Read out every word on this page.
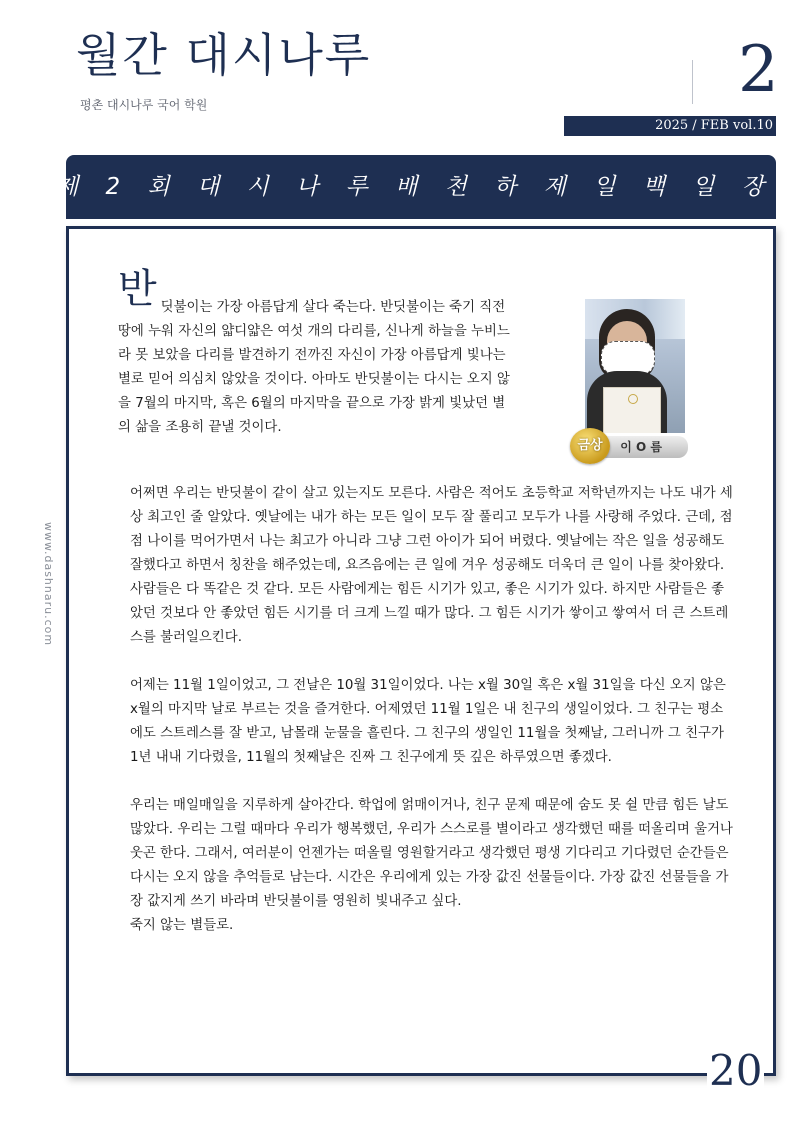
월간 대시나루
평촌 대시나루 국어 학원	2
2025 / FEB vol.10
제 2 회 대 시 나 루 배 천 하 제 일 백 일 장
www.dashnaru.com
반 딧불이는 가장 아름답게 살다 죽는다. 반딧불이는 죽기 직전 땅에 누워 자신의 얇디얇은 여섯 개의 다리를, 신나게 하늘을 누비느라 못 보았을 다리를 발견하기 전까진 자신이 가장 아름답게 빛나는 별로 믿어 의심치 않았을 것이다. 아마도 반딧불이는 다시는 오지 않을 7월의 마지막, 혹은 6월의 마지막을 끝으로 가장 밝게 빛났던 별의 삶을 조용히 끝낼 것이다.

이 O 름
금상

어쩌면 우리는 반딧불이 같이 살고 있는지도 모른다. 사람은 적어도 초등학교 저학년까지는 나도 내가 세상 최고인 줄 알았다. 옛날에는 내가 하는 모든 일이 모두 잘 풀리고 모두가 나를 사랑해 주었다. 근데, 점점 나이를 먹어가면서 나는 최고가 아니라 그냥 그런 아이가 되어 버렸다. 옛날에는 작은 일을 성공해도 잘했다고 하면서 칭찬을 해주었는데, 요즈음에는 큰 일에 겨우 성공해도 더욱더 큰 일이 나를 찾아왔다. 사람들은 다 똑같은 것 같다. 모든 사람에게는 힘든 시기가 있고, 좋은 시기가 있다. 하지만 사람들은 좋았던 것보다 안 좋았던 힘든 시기를 더 크게 느낄 때가 많다. 그 힘든 시기가 쌓이고 쌓여서 더 큰 스트레스를 불러일으킨다.

어제는 11월 1일이었고, 그 전날은 10월 31일이었다. 나는 x월 30일 혹은 x월 31일을 다신 오지 않은 x월의 마지막 날로 부르는 것을 즐겨한다. 어제였던 11월 1일은 내 친구의 생일이었다. 그 친구는 평소에도 스트레스를 잘 받고, 남몰래 눈물을 흘린다. 그 친구의 생일인 11월을 첫째날, 그러니까 그 친구가 1년 내내 기다렸을, 11월의 첫째날은 진짜 그 친구에게 뜻 깊은 하루였으면 좋겠다.

우리는 매일매일을 지루하게 살아간다. 학업에 얽매이거나, 친구 문제 때문에 숨도 못 쉴 만큼 힘든 날도 많았다. 우리는 그럴 때마다 우리가 행복했던, 우리가 스스로를 별이라고 생각했던 때를 떠올리며 울거나 웃곤 한다. 그래서, 여러분이 언젠가는 떠올릴 영원할거라고 생각했던 평생 기다리고 기다렸던 순간들은 다시는 오지 않을 추억들로 남는다. 시간은 우리에게 있는 가장 값진 선물들이다. 가장 값진 선물들을 가장 값지게 쓰기 바라며 반딧불이를 영원히 빛내주고 싶다.

죽지 않는 별들로.

20
